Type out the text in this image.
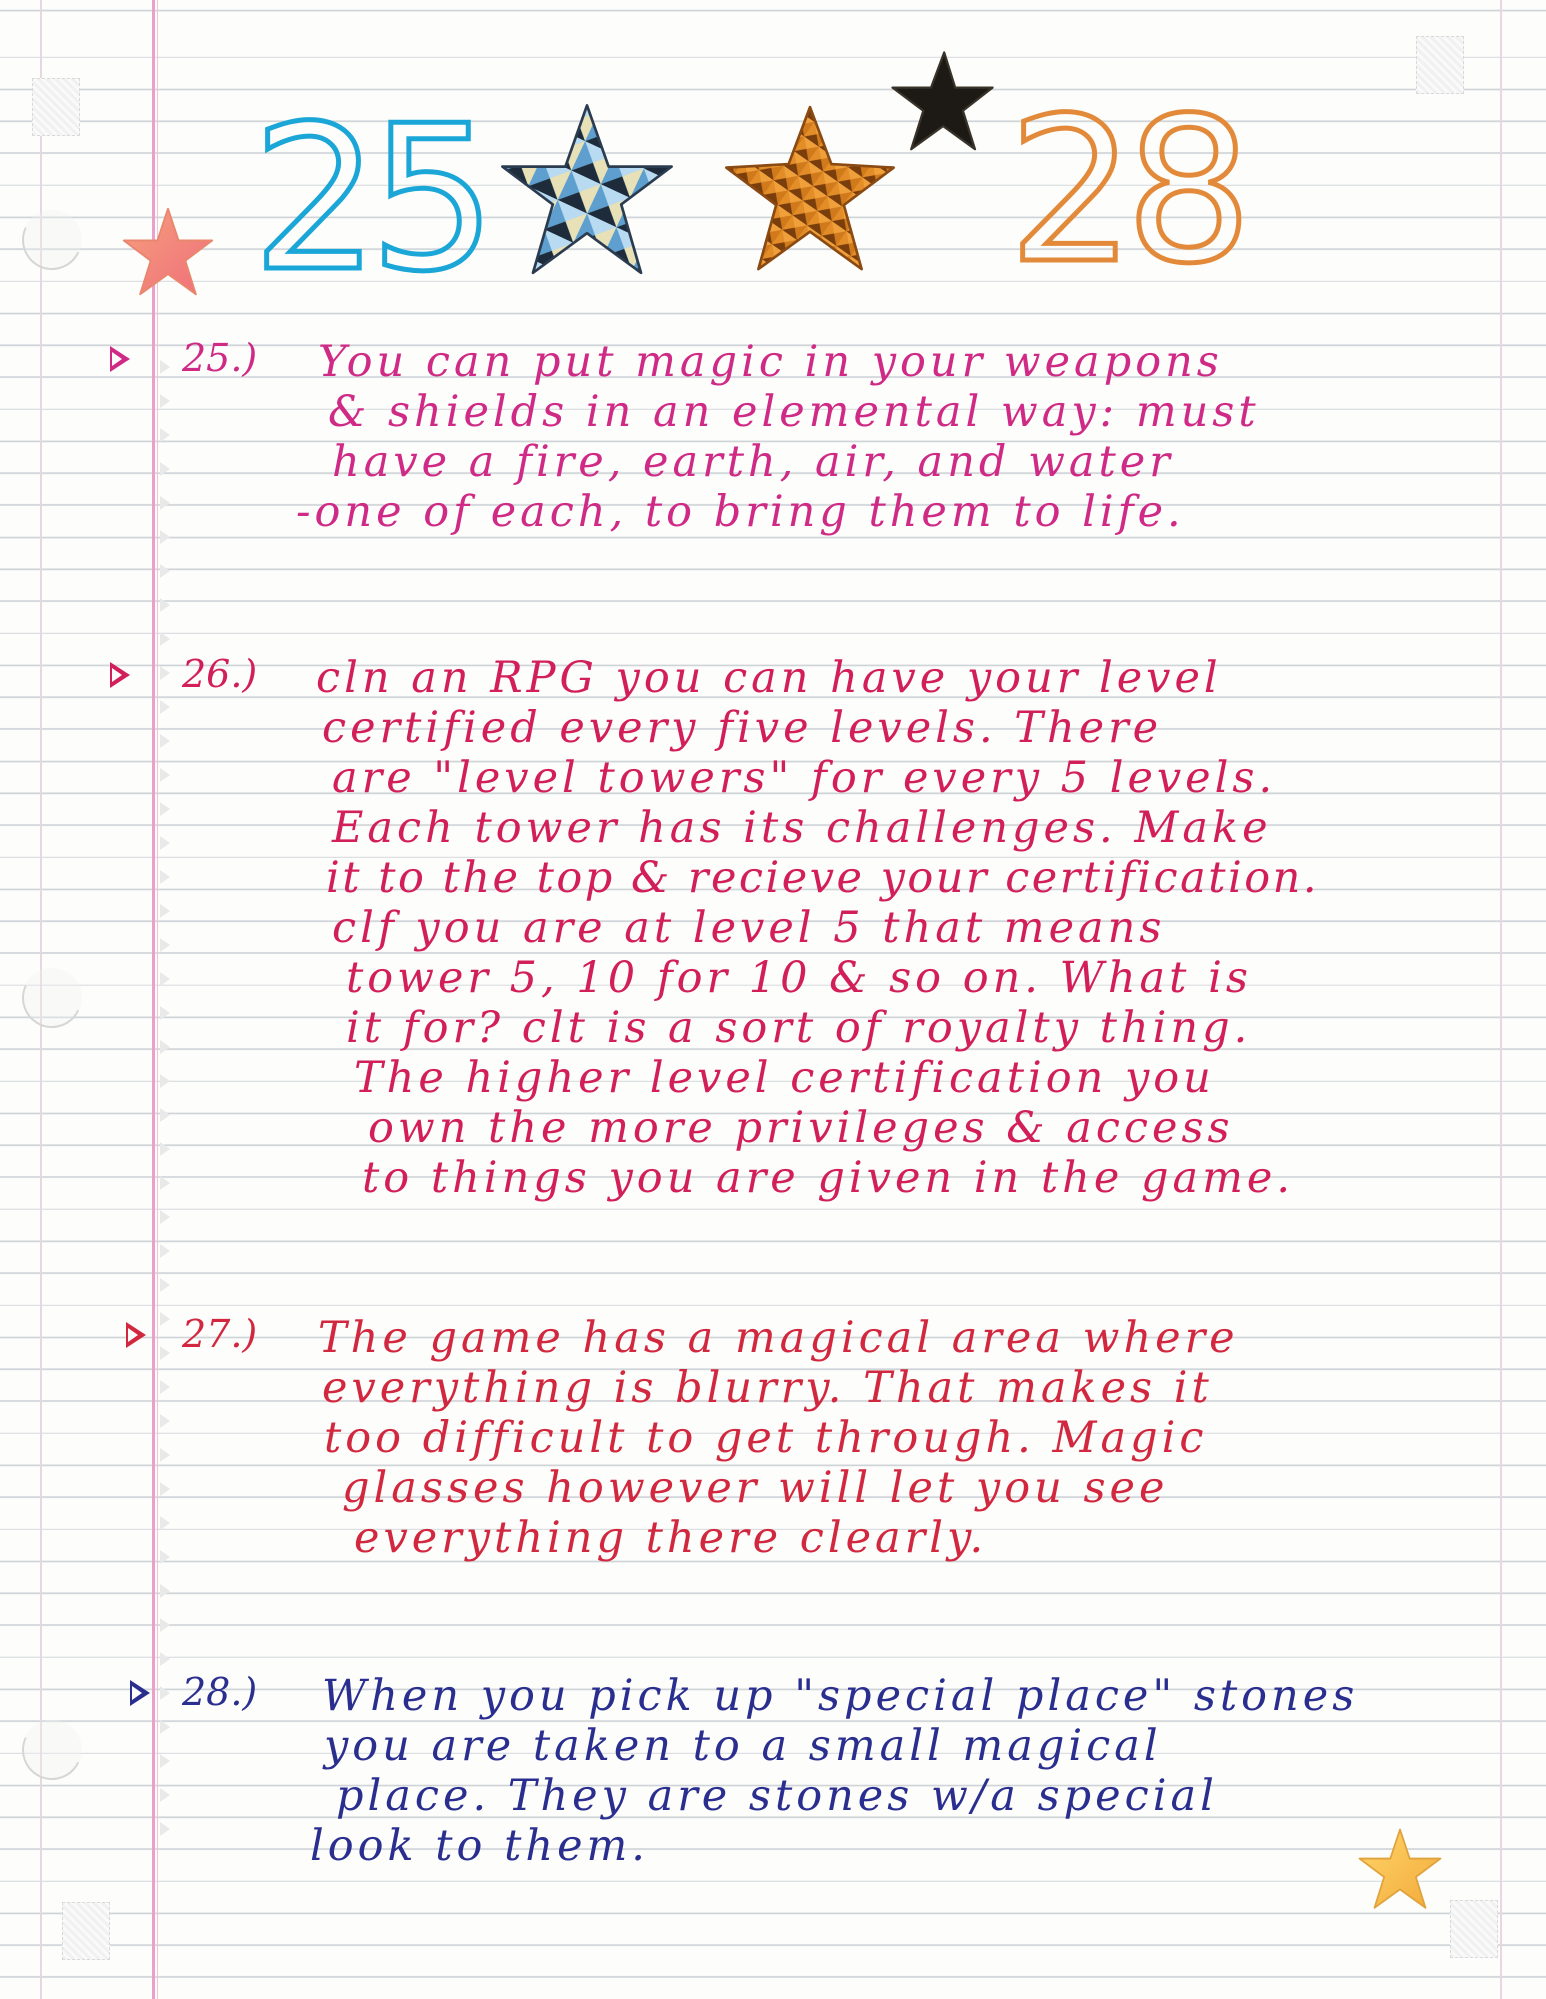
25	28
25.) You can put magic in your weapons
& shields in an elemental way: must
have a fire, earth, air, and water
-one of each, to bring them to life.
26.) cln an RPG you can have your level
certified every five levels. There
are "level towers" for every 5 levels.
Each tower has its challenges. Make
it to the top & recieve your certification.
clf you are at level 5 that means
tower 5, 10 for 10 & so on. What is
it for? clt is a sort of royalty thing.
The higher level certification you
own the more privileges & access
to things you are given in the game.
27.) The game has a magical area where
everything is blurry. That makes it
too difficult to get through. Magic
glasses however will let you see
everything there clearly.
28.) When you pick up "special place" stones
you are taken to a small magical
place. They are stones w/a special
look to them.
